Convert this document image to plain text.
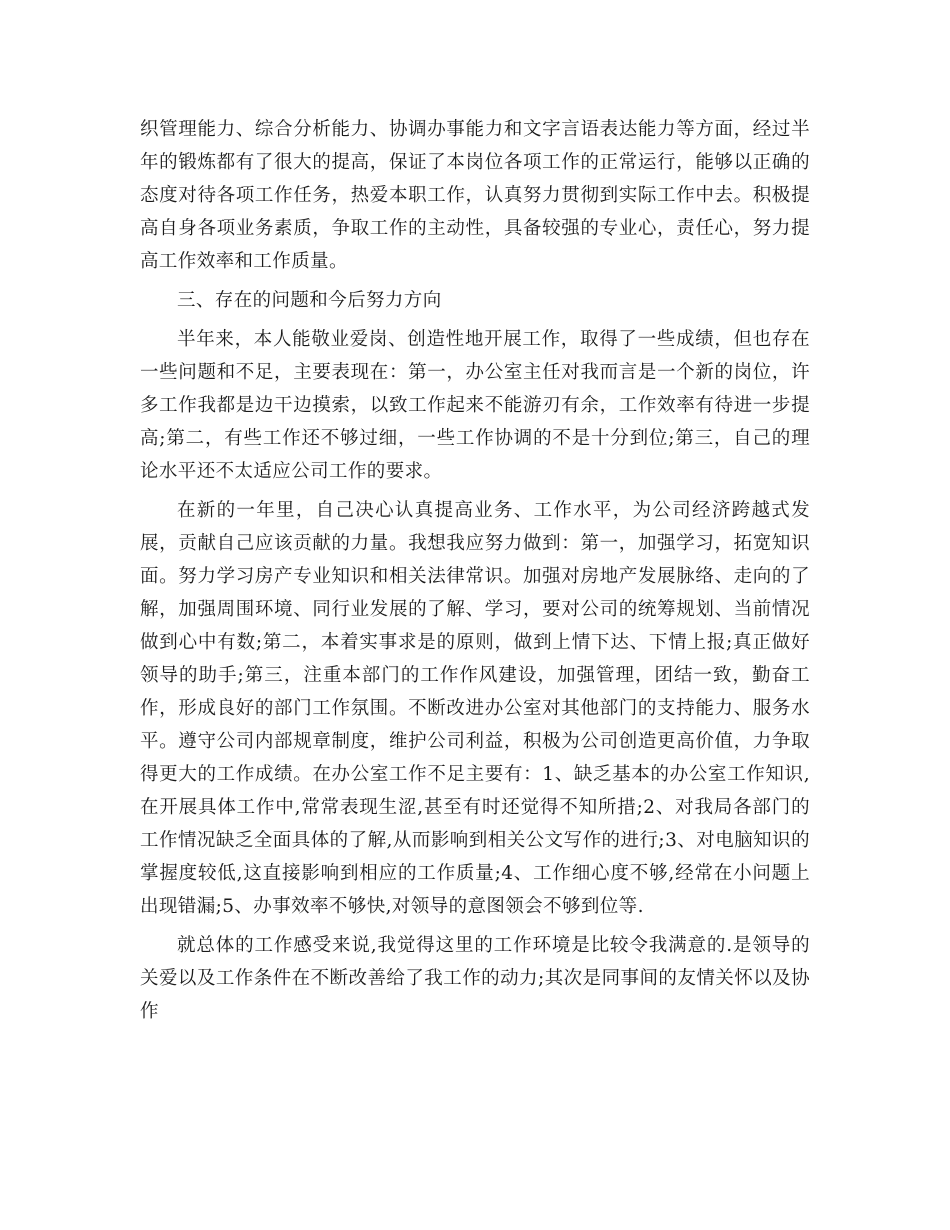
织管理能力、综合分析能力、协调办事能力和文字言语表达能力等方面，经过半年的锻炼都有了很大的提高，保证了本岗位各项工作的正常运行，能够以正确的态度对待各项工作任务，热爱本职工作，认真努力贯彻到实际工作中去。积极提高自身各项业务素质，争取工作的主动性，具备较强的专业心，责任心，努力提高工作效率和工作质量。

三、存在的问题和今后努力方向

半年来，本人能敬业爱岗、创造性地开展工作，取得了一些成绩，但也存在一些问题和不足，主要表现在：第一，办公室主任对我而言是一个新的岗位，许多工作我都是边干边摸索，以致工作起来不能游刃有余，工作效率有待进一步提高;第二，有些工作还不够过细，一些工作协调的不是十分到位;第三，自己的理论水平还不太适应公司工作的要求。

在新的一年里，自己决心认真提高业务、工作水平，为公司经济跨越式发展，贡献自己应该贡献的力量。我想我应努力做到：第一，加强学习，拓宽知识面。努力学习房产专业知识和相关法律常识。加强对房地产发展脉络、走向的了解，加强周围环境、同行业发展的了解、学习，要对公司的统筹规划、当前情况做到心中有数;第二，本着实事求是的原则，做到上情下达、下情上报;真正做好领导的助手;第三，注重本部门的工作作风建设，加强管理，团结一致，勤奋工作，形成良好的部门工作氛围。不断改进办公室对其他部门的支持能力、服务水平。遵守公司内部规章制度，维护公司利益，积极为公司创造更高价值，力争取得更大的工作成绩。在办公室工作不足主要有：1、缺乏基本的办公室工作知识,在开展具体工作中,常常表现生涩,甚至有时还觉得不知所措;2、对我局各部门的工作情况缺乏全面具体的了解,从而影响到相关公文写作的进行;3、对电脑知识的掌握度较低,这直接影响到相应的工作质量;4、工作细心度不够,经常在小问题上出现错漏;5、办事效率不够快,对领导的意图领会不够到位等.

就总体的工作感受来说,我觉得这里的工作环境是比较令我满意的.是领导的关爱以及工作条件在不断改善给了我工作的动力;其次是同事间的友情关怀以及协作
